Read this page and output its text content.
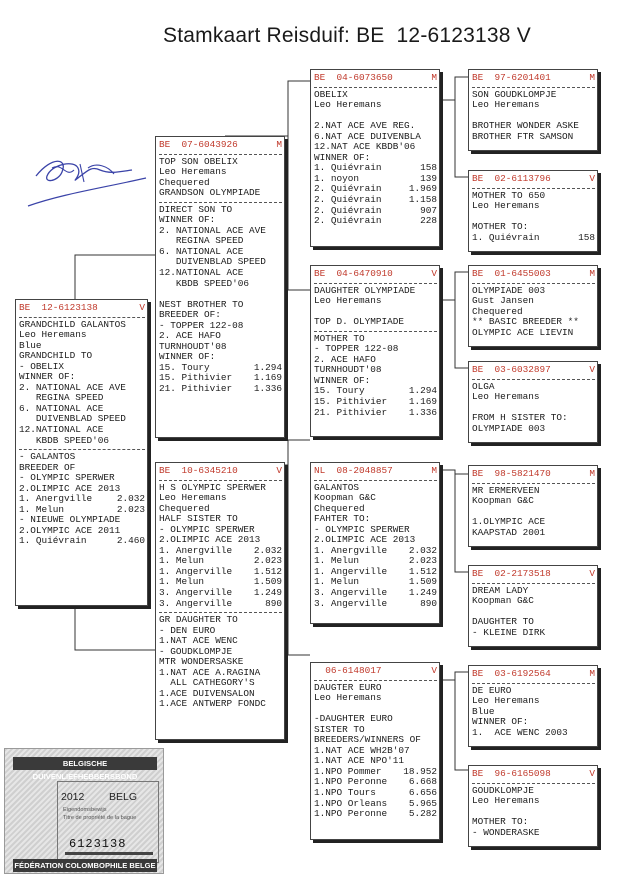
Stamkaart Reisduif: BE  12-6123138 V
BE 12-6123138	V
GRANDCHILD GALANTOS
Leo Heremans
Blue
GRANDCHILD TO
- OBELIX
WINNER OF:
2. NATIONAL ACE AVE
REGINA SPEED
6. NATIONAL ACE
DUIVENBLAD SPEED
12.NATIONAL ACE
KBDB SPEED'06
- GALANTOS
BREEDER OF
- OLYMPIC SPERWER
2.OLIMPIC ACE 2013
1. Anergville	2.032
1. Melun	2.023
- NIEUWE OLYMPIADE
2.OLYMPIC ACE 2011
1. Quiévrain	2.460
BE 07-6043926	M
TOP SON OBELIX
Leo Heremans
Chequered
GRANDSON OLYMPIADE
DIRECT SON TO
WINNER OF:
2. NATIONAL ACE AVE
REGINA SPEED
6. NATIONAL ACE
DUIVENBLAD SPEED
12.NATIONAL ACE
KBDB SPEED'06
NEST BROTHER TO
BREEDER OF:
- TOPPER 122-08
2. ACE HAFO
TURNHOUDT'08
WINNER OF:
15. Toury	1.294
15. Pithivier 1.169
21. Pithivier 1.336
BE 10-6345210	V
H S OLYMPIC SPERWER
Leo Heremans
Chequered
HALF SISTER TO
- OLYMPIC SPERWER
2.OLIMPIC ACE 2013
1. Anergville 2.032
1. Melun	2.023
1. Angerville 1.512
1. Melun	1.509
3. Angerville 1.249
3. Angerville	890
GR DAUGHTER TO
- DEN EURO
1.NAT ACE WENC
- GOUDKLOMPJE
MTR WONDERSASKE
1.NAT ACE A.RAGINA
ALL CATHEGORY'S
1.ACE DUIVENSALON
1.ACE ANTWERP FONDC
BE 04-6073650	M
OBELIX
Leo Heremans
2.NAT ACE AVE REG.
6.NAT ACE DUIVENBLA
12.NAT ACE KBDB'06
WINNER OF:
1. Quiévrain	158
1. noyon	139
2. Quiévrain	1.969
2. Quiévrain	1.158
2. Quiévrain	907
2. Quiévrain	228
BE 04-6470910	V
DAUGHTER OLYMPIADE
Leo Heremans
TOP D. OLYMPIADE
MOTHER TO
- TOPPER 122-08
2. ACE HAFO
TURNHOUDT'08
WINNER OF:
15. Toury	1.294
15. Pithivier 1.169
21. Pithivier 1.336
NL 08-2048857	M
GALANTOS
Koopman G&C
Chequered
FAHTER TO:
- OLYMPIC SPERWER
2.OLIMPIC ACE 2013
1. Anergville 2.032
1. Melun	2.023
1. Angerville 1.512
1. Melun	1.509
3. Angerville 1.249
3. Angerville	890
06-6148017	V
DAUGTER EURO
Leo Heremans
-DAUGHTER EURO
SISTER TO
BREEDERS/WINNERS OF
1.NAT ACE WH2B'07
1.NAT ACE NPO'11
1.NPO Pommer 18.952
1.NPO Peronne 6.668
1.NPO Tours	6.656
1.NPO Orleans 5.965
1.NPO Peronne 5.282
BE 97-6201401	M
SON GOUDKLOMPJE
Leo Heremans
BROTHER WONDER ASKE
BROTHER FTR SAMSON
BE 02-6113796	V
MOTHER TO 650
Leo Heremans
MOTHER TO:
1. Quiévrain	158
BE 01-6455003	M
OLYMPIADE 003
Gust Jansen
Chequered
** BASIC BREEDER **
OLYMPIC ACE LIEVIN
BE 03-6032897	V
OLGA
Leo Heremans
FROM H SISTER TO:
OLYMPIADE 003
BE 98-5821470	M
MR ERMERVEEN
Koopman G&C
1.OLYMPIC ACE
KAAPSTAD 2001
BE 02-2173518	V
DREAM LADY
Koopman G&C
DAUGHTER TO
- KLEINE DIRK
BE 03-6192564	M
DE EURO
Leo Heremans
Blue
WINNER OF:
1.  ACE WENC 2003
BE 96-6165098	V
GOUDKLOMPJE
Leo Heremans
MOTHER TO:
- WONDERASKE
BELGISCHE DUIVENLIEFHEBBERSBOND
2012 BELG
Eigendomsbewijs
Titre de propriété de la bague
6123138
FÉDÉRATION COLOMBOPHILE BELGE
